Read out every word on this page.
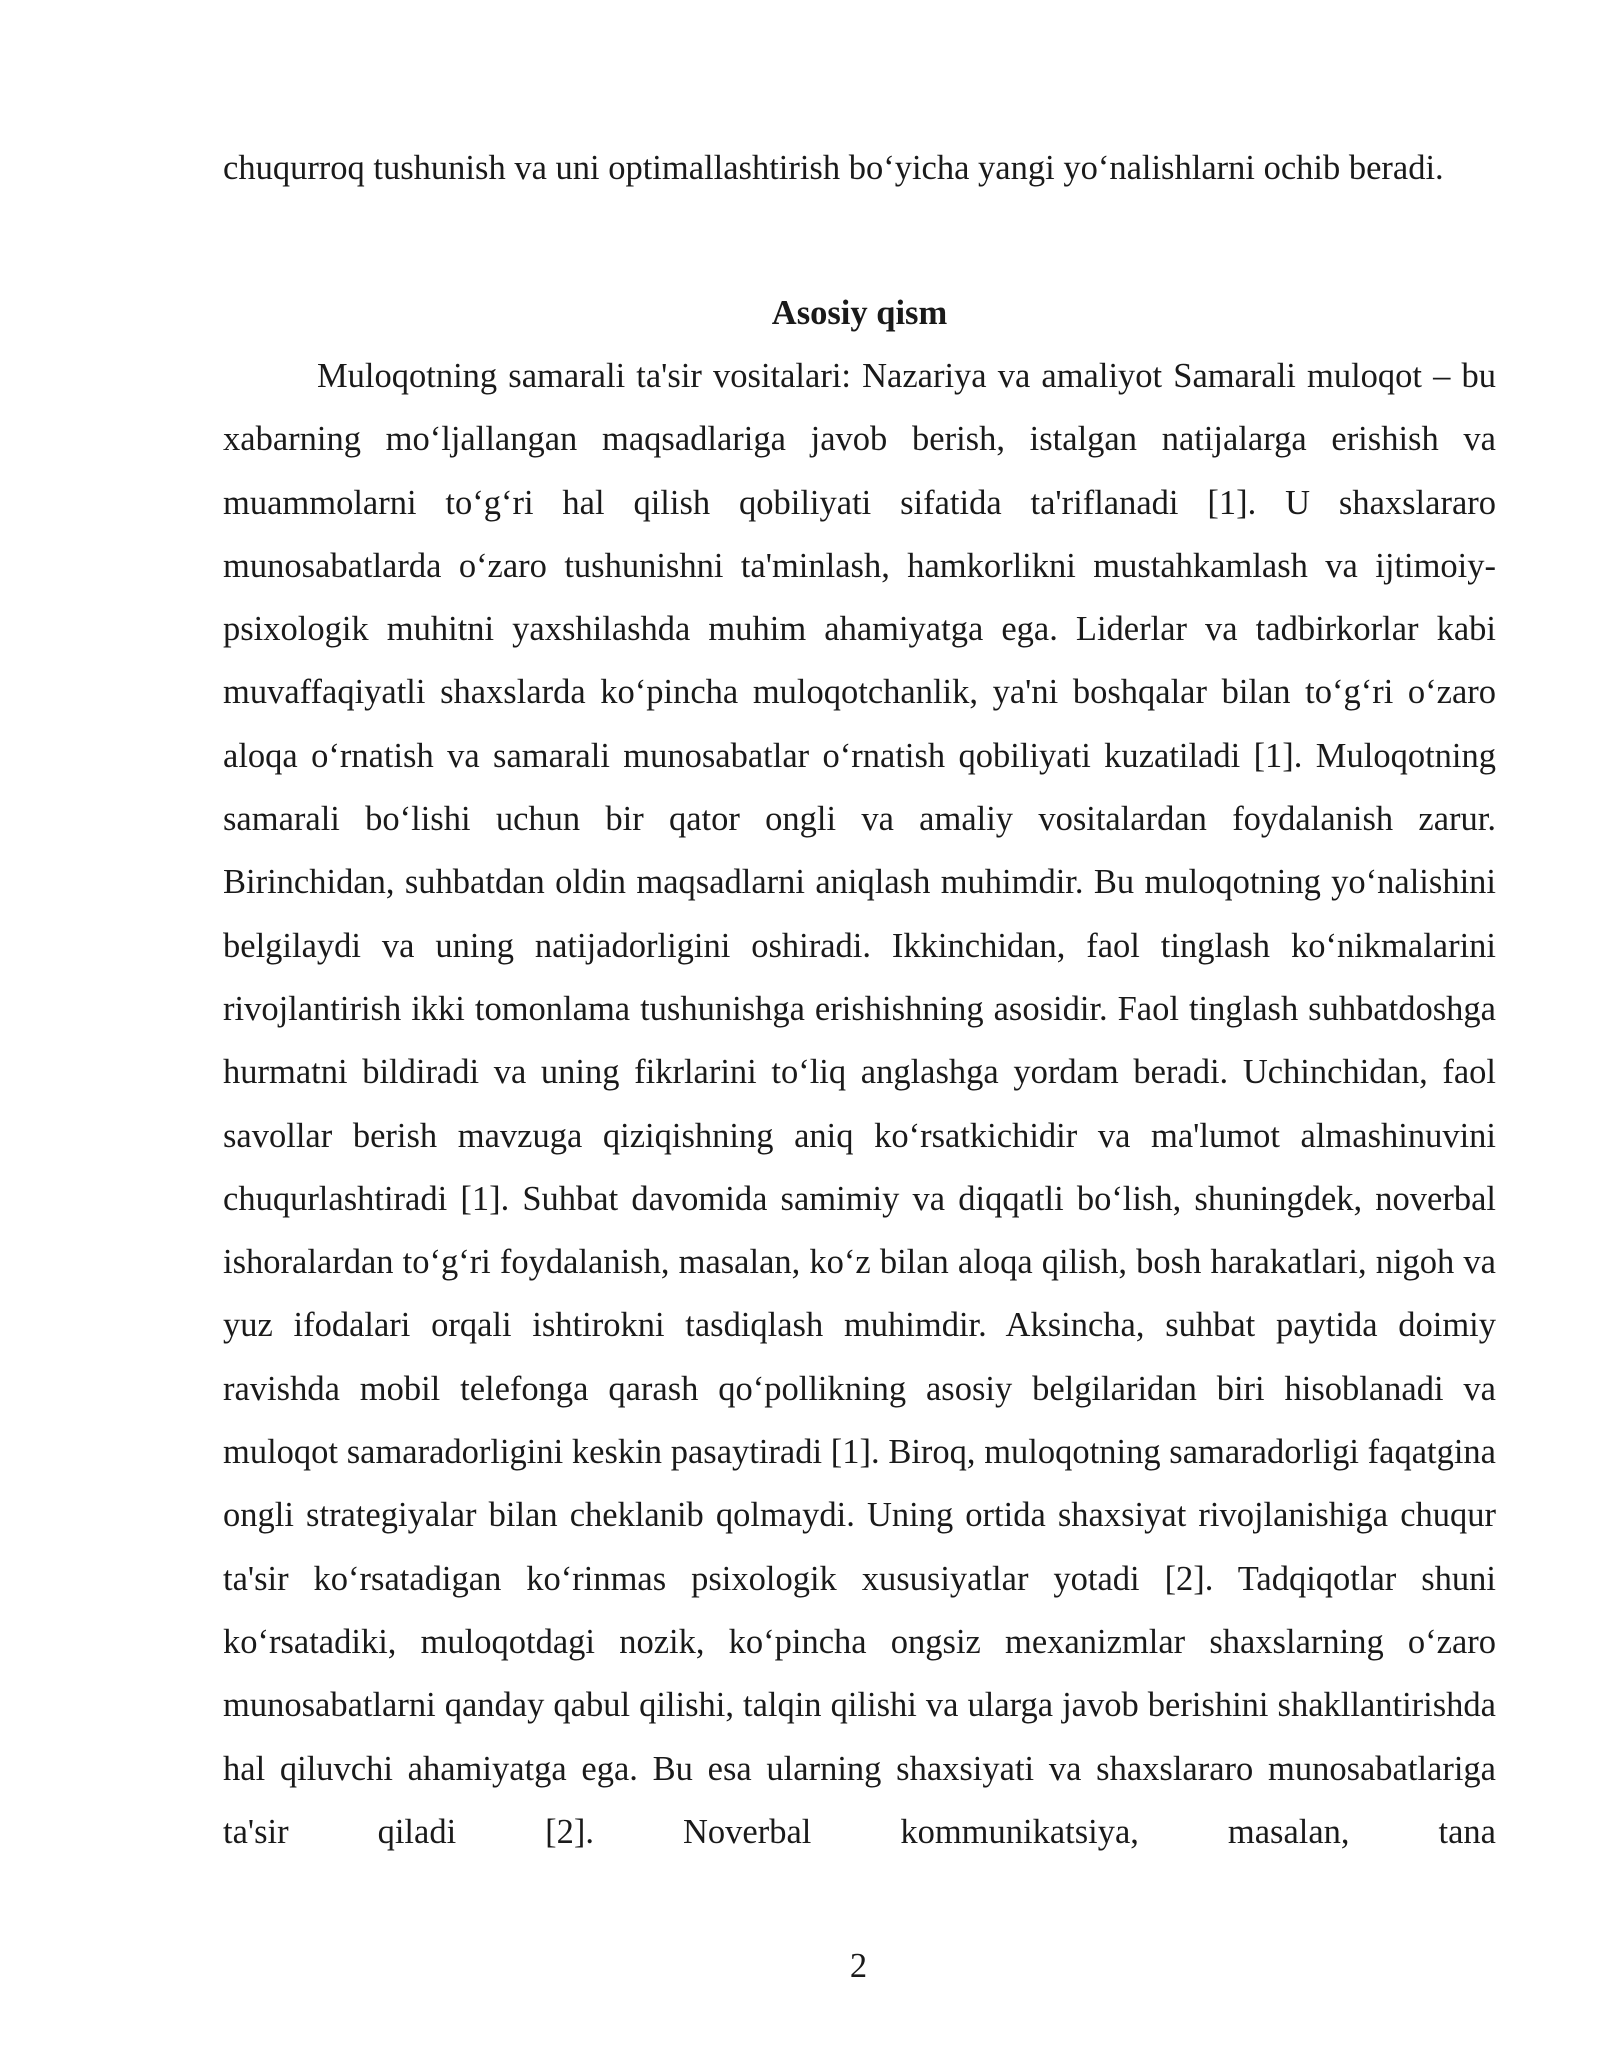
chuqurroq tushunish va uni optimallashtirish bo‘yicha yangi yo‘nalishlarni ochib beradi.

Asosiy qism

Muloqotning samarali ta'sir vositalari: Nazariya va amaliyot Samarali muloqot – bu xabarning mo‘ljallangan maqsadlariga javob berish, istalgan natijalarga erishish va muammolarni to‘g‘ri hal qilish qobiliyati sifatida ta'riflanadi [1]. U shaxslararo munosabatlarda o‘zaro tushunishni ta'minlash, hamkorlikni mustahkamlash va ijtimoiy-psixologik muhitni yaxshilashda muhim ahamiyatga ega. Liderlar va tadbirkorlar kabi muvaffaqiyatli shaxslarda ko‘pincha muloqotchanlik, ya'ni boshqalar bilan to‘g‘ri o‘zaro aloqa o‘rnatish va samarali munosabatlar o‘rnatish qobiliyati kuzatiladi [1]. Muloqotning samarali bo‘lishi uchun bir qator ongli va amaliy vositalardan foydalanish zarur. Birinchidan, suhbatdan oldin maqsadlarni aniqlash muhimdir. Bu muloqotning yo‘nalishini belgilaydi va uning natijadorligini oshiradi. Ikkinchidan, faol tinglash ko‘nikmalarini rivojlantirish ikki tomonlama tushunishga erishishning asosidir. Faol tinglash suhbatdoshga hurmatni bildiradi va uning fikrlarini to‘liq anglashga yordam beradi. Uchinchidan, faol savollar berish mavzuga qiziqishning aniq ko‘rsatkichidir va ma'lumot almashinuvini chuqurlashtiradi [1]. Suhbat davomida samimiy va diqqatli bo‘lish, shuningdek, noverbal ishoralardan to‘g‘ri foydalanish, masalan, ko‘z bilan aloqa qilish, bosh harakatlari, nigoh va yuz ifodalari orqali ishtirokni tasdiqlash muhimdir. Aksincha, suhbat paytida doimiy ravishda mobil telefonga qarash qo‘pollikning asosiy belgilaridan biri hisoblanadi va muloqot samaradorligini keskin pasaytiradi [1]. Biroq, muloqotning samaradorligi faqatgina ongli strategiyalar bilan cheklanib qolmaydi. Uning ortida shaxsiyat rivojlanishiga chuqur ta'sir ko‘rsatadigan ko‘rinmas psixologik xususiyatlar yotadi [2]. Tadqiqotlar shuni ko‘rsatadiki, muloqotdagi nozik, ko‘pincha ongsiz mexanizmlar shaxslarning o‘zaro munosabatlarni qanday qabul qilishi, talqin qilishi va ularga javob berishini shakllantirishda hal qiluvchi ahamiyatga ega. Bu esa ularning shaxsiyati va shaxslararo munosabatlariga ta'sir qiladi [2]. Noverbal kommunikatsiya, masalan, tana

2
